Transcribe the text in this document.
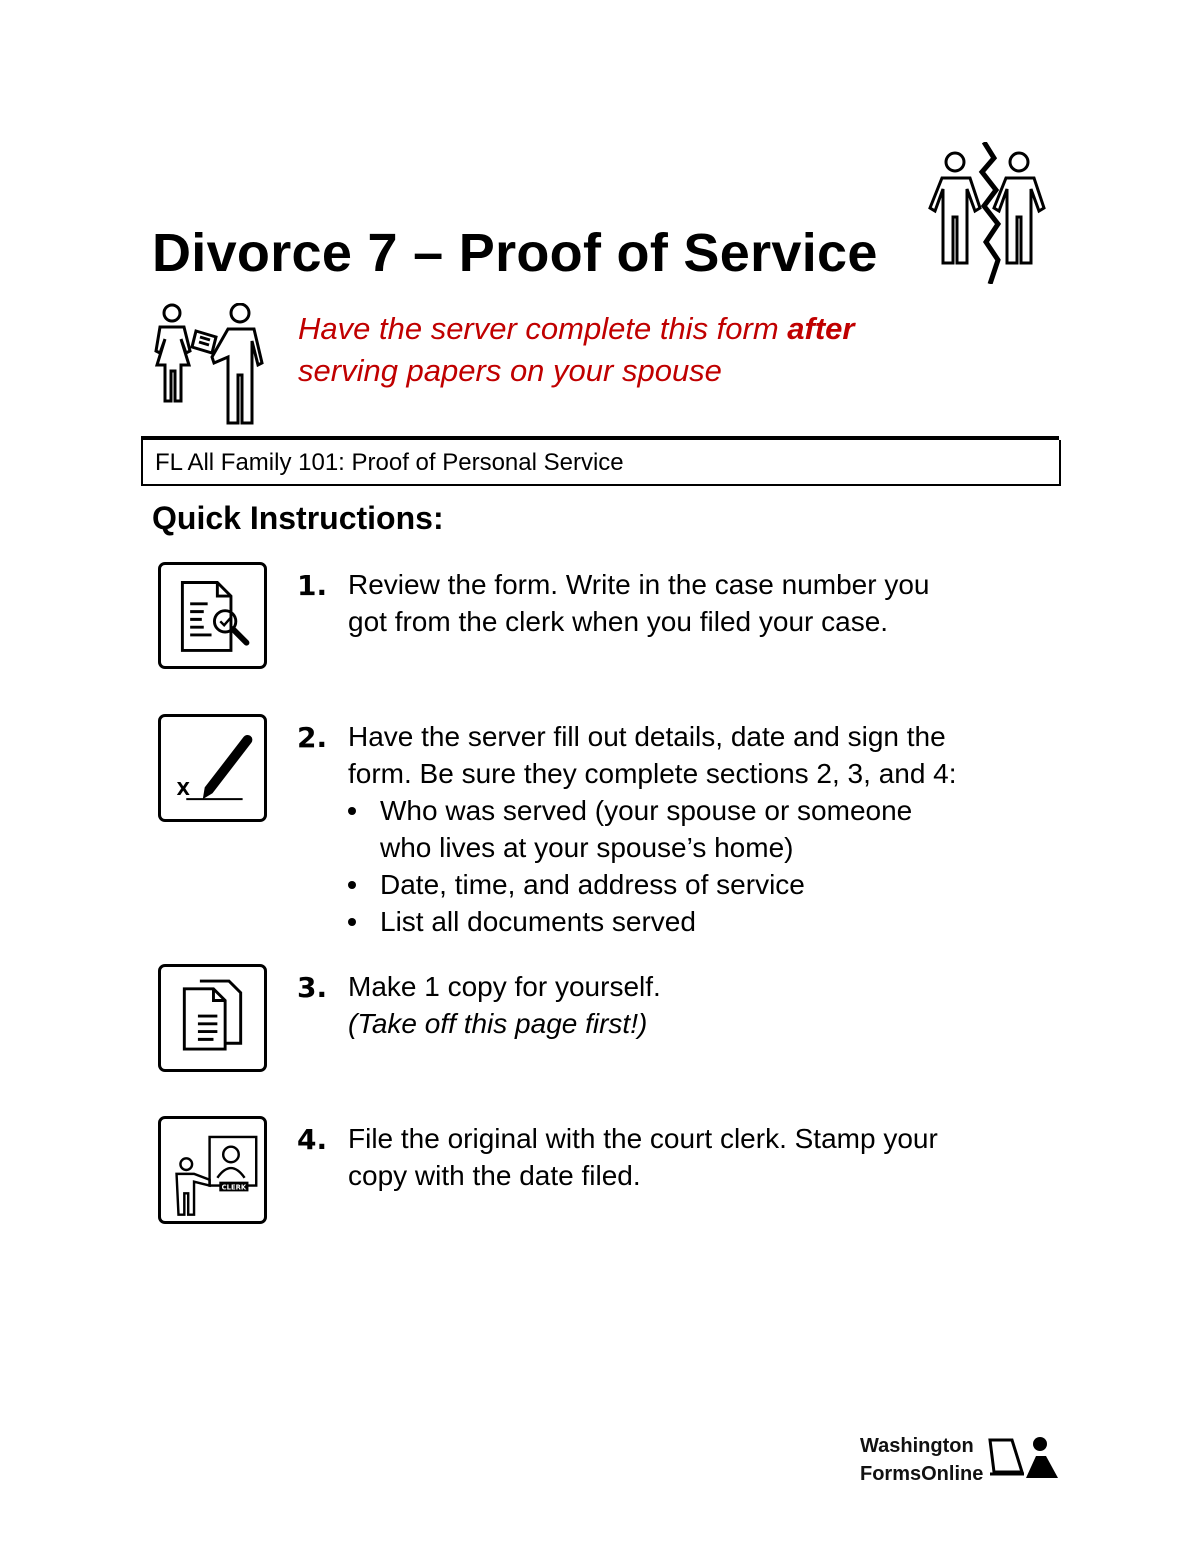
Divorce 7 – Proof of Service
Have the server complete this form after
serving papers on your spouse
FL All Family 101: Proof of Personal Service
Quick Instructions:
1. Review the form. Write in the case number you
got from the clerk when you filed your case.
X
2. Have the server fill out details, date and sign the
form. Be sure they complete sections 2, 3, and 4:
Who was served (your spouse or someone
who lives at your spouse’s home)
Date, time, and address of service
List all documents served
3. Make 1 copy for yourself.
(Take off this page first!)
CLERK
4. File the original with the court clerk. Stamp your
copy with the date filed.
Washington
FormsOnline
